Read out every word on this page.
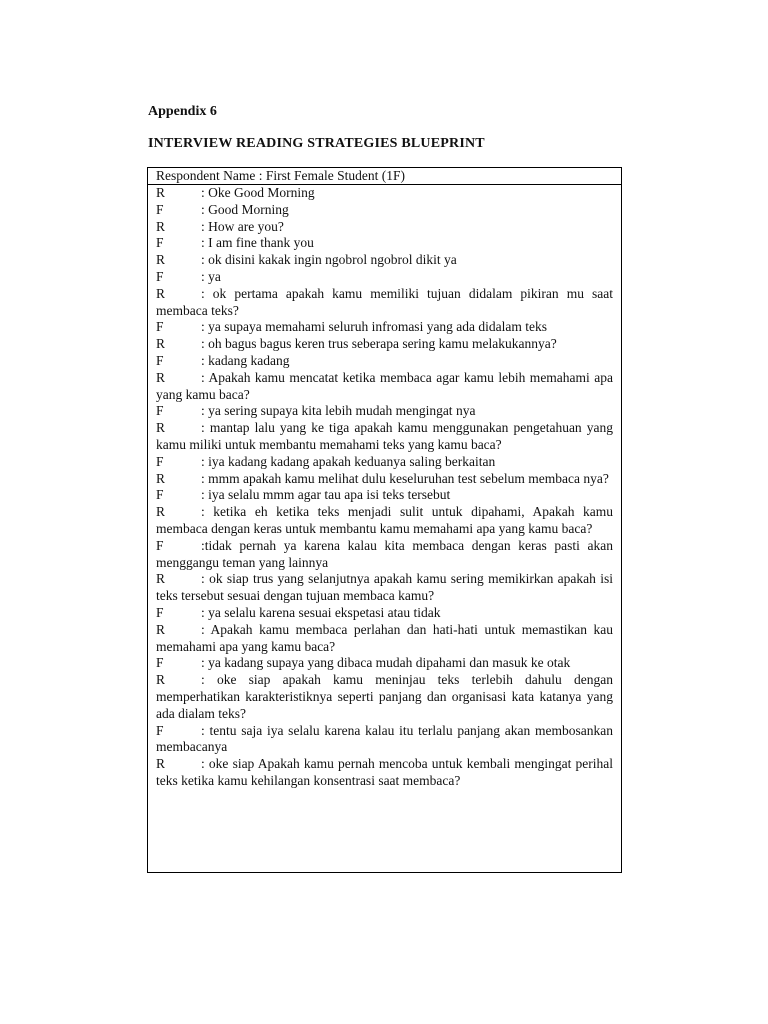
Appendix 6
INTERVIEW READING STRATEGIES BLUEPRINT
Respondent Name : First Female Student (1F)
R	: Oke Good Morning
F	: Good Morning
R	: How are you?
F	: I am fine thank you
R	: ok disini kakak ingin ngobrol ngobrol dikit ya
F	: ya
R	: ok pertama apakah kamu memiliki tujuan didalam pikiran mu saat membaca teks?
F	: ya supaya memahami seluruh infromasi yang ada didalam teks
R	: oh bagus bagus keren trus seberapa sering kamu melakukannya?
F	: kadang kadang
R	: Apakah kamu mencatat ketika membaca agar kamu lebih memahami apa yang kamu baca?
F	: ya sering supaya kita lebih mudah mengingat nya
R	: mantap lalu yang ke tiga apakah kamu menggunakan pengetahuan yang kamu miliki untuk membantu memahami teks yang kamu baca?
F	: iya kadang kadang apakah keduanya saling berkaitan
R	: mmm apakah kamu melihat dulu keseluruhan test sebelum membaca nya?
F	: iya selalu mmm agar tau apa isi teks tersebut
R	: ketika eh ketika teks menjadi sulit untuk dipahami, Apakah kamu membaca dengan keras untuk membantu kamu memahami apa yang kamu baca?
F	:tidak pernah ya karena kalau kita membaca dengan keras pasti akan menggangu teman yang lainnya
R	: ok siap trus yang selanjutnya apakah kamu sering memikirkan apakah isi teks tersebut sesuai dengan tujuan membaca kamu?
F	: ya selalu karena sesuai ekspetasi atau tidak
R	: Apakah kamu membaca perlahan dan hati-hati untuk memastikan kau memahami apa yang kamu baca?
F	: ya kadang supaya yang dibaca mudah dipahami dan masuk ke otak
R	: oke siap apakah kamu meninjau teks terlebih dahulu dengan memperhatikan karakteristiknya seperti panjang dan organisasi kata katanya yang ada dialam teks?
F	: tentu saja iya selalu karena kalau itu terlalu panjang akan membosankan membacanya
R	: oke siap Apakah kamu pernah mencoba untuk kembali mengingat perihal teks ketika kamu kehilangan konsentrasi saat membaca?
